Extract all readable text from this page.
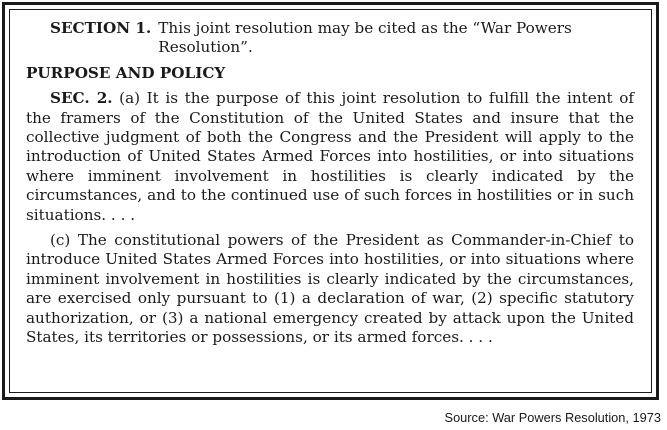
SECTION 1. This joint resolution may be cited as the “War Powers Resolution”.
PURPOSE AND POLICY

SEC. 2. (a) It is the purpose of this joint resolution to fulfill the intent of the framers of the Constitution of the United States and insure that the collective judgment of both the Congress and the President will apply to the introduction of United States Armed Forces into hostilities, or into situations where imminent involvement in hostilities is clearly indicated by the circumstances, and to the continued use of such forces in hostilities or in such situations. . . .

(c) The constitutional powers of the President as Commander-in-Chief to introduce United States Armed Forces into hostilities, or into situations where imminent involvement in hostilities is clearly indicated by the circumstances, are exercised only pursuant to (1) a declaration of war, (2) specific statutory authorization, or (3) a national emergency created by attack upon the United States, its territories or possessions, or its armed forces. . . .

Source: War Powers Resolution, 1973
